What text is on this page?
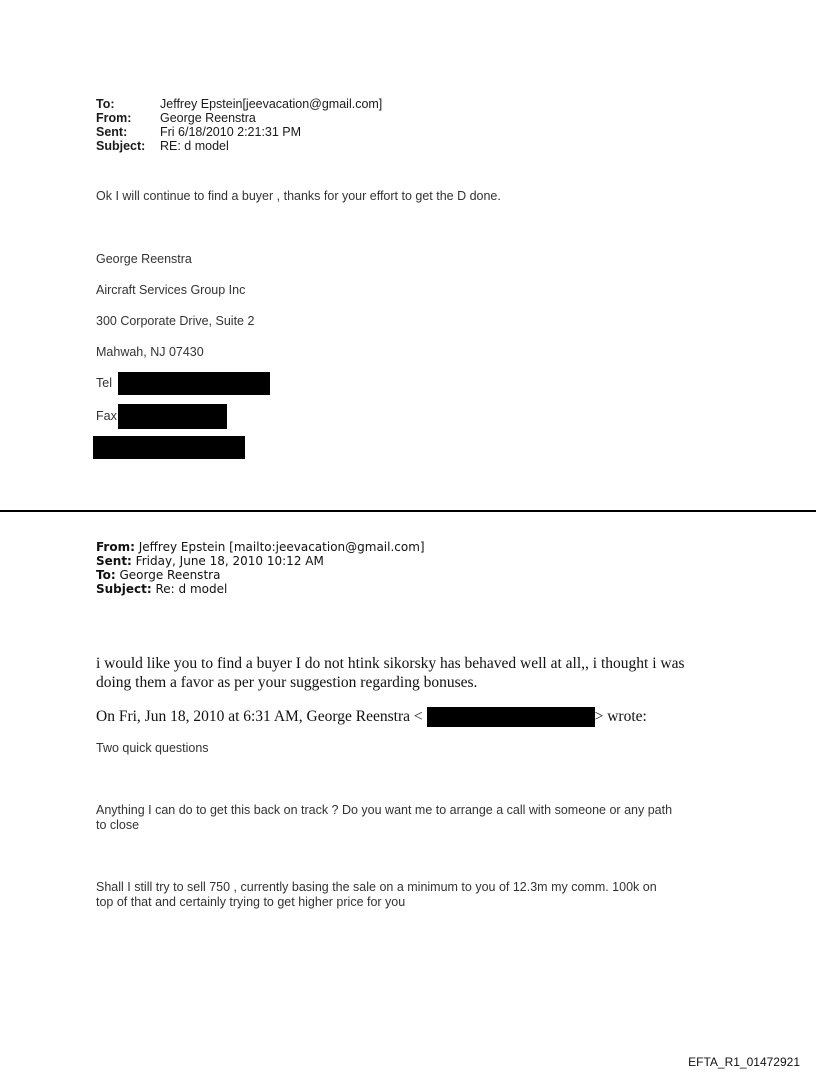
To:	Jeffrey Epstein[jeevacation@gmail.com]
From: George Reenstra
Sent:	Fri 6/18/2010 2:21:31 PM
Subject: RE: d model
Ok I will continue to find a buyer , thanks for your effort to get the D done.
George Reenstra
Aircraft Services Group Inc
300 Corporate Drive, Suite 2
Mahwah, NJ 07430
Tel
Fax
From: Jeffrey Epstein [mailto:jeevacation@gmail.com]
Sent: Friday, June 18, 2010 10:12 AM
To: George Reenstra
Subject: Re: d model
i would like you to find a buyer I do not htink sikorsky has behaved well at all,, i thought i was
doing them a favor as per your suggestion regarding bonuses.
On Fri, Jun 18, 2010 at 6:31 AM, George Reenstra <	> wrote:
Two quick questions
Anything I can do to get this back on track ? Do you want me to arrange a call with someone or any path
to close
Shall I still try to sell 750 , currently basing the sale on a minimum to you of 12.3m my comm. 100k on
top of that and certainly trying to get higher price for you
EFTA_R1_01472921
